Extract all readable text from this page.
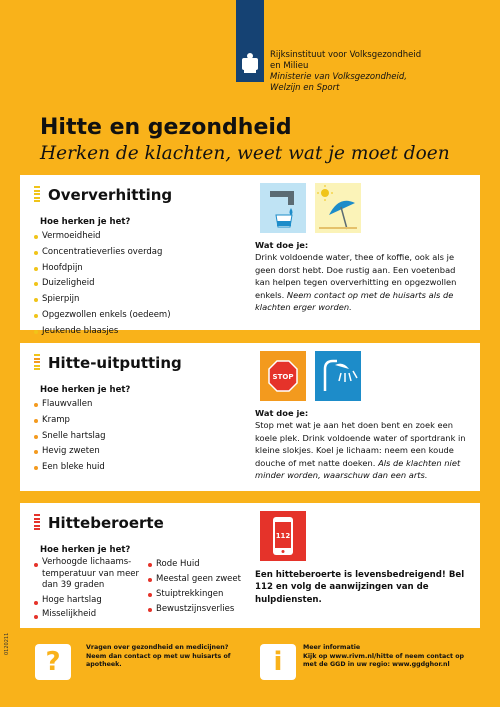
Rijksinstituut voor Volksgezondheid
en Milieu
Ministerie van Volksgezondheid,
Welzijn en Sport
Hitte en gezondheid
Herken de klachten, weet wat je moet doen
Oververhitting
Hoe herken je het?
Vermoeidheid
Concentratieverlies overdag
Hoofdpijn
Duizeligheid
Spierpijn
Opgezwollen enkels (oedeem)
Jeukende blaasjes
Wat doe je:
Drink voldoende water, thee of koffie, ook als je geen dorst hebt. Doe rustig aan. Een voetenbad kan helpen tegen oververhitting en opgezwollen enkels. Neem contact op met de huisarts als de klachten erger worden.
Hitte-uitputting
Hoe herken je het?
Flauwvallen
Kramp
Snelle hartslag
Hevig zweten
Een bleke huid
STOP
Wat doe je:
Stop met wat je aan het doen bent en zoek een koele plek. Drink voldoende water of sportdrank in kleine slokjes. Koel je lichaam: neem een koude douche of met natte doeken. Als de klachten niet minder worden, waarschuw dan een arts.
Hitteberoerte
Hoe herken je het?
Verhoogde lichaams-temperatuur van meer dan 39 graden
Hoge hartslag
Misselijkheid
Rode Huid
Meestal geen zweet
Stuiptrekkingen
Bewustzijnsverlies
112
Een hitteberoerte is levensbedreigend! Bel 112 en volg de aanwijzingen van de hulpdiensten.
?	Vragen over gezondheid en medicijnen?
Neem dan contact op met uw huisarts of apotheek.	i	Meer informatie
Kijk op www.rivm.nl/hitte of neem contact op met de GGD in uw regio: www.ggdghor.nl
0120211
